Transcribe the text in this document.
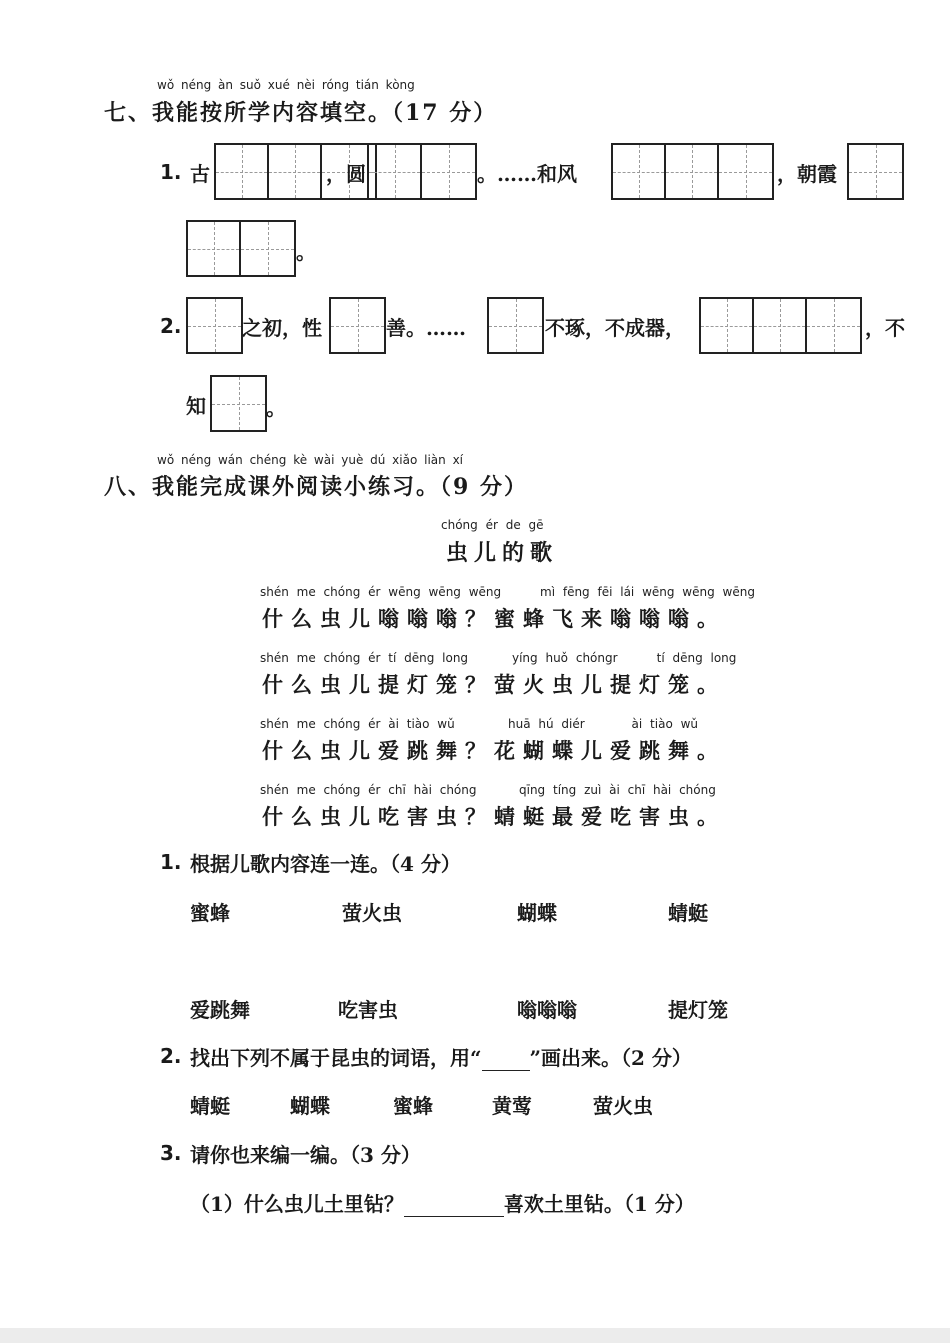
wǒ néng àn suǒ xué nèi róng tián kòng
七、我能按所学内容填空。（17 分）
1. 古	，圆	。……和风	，朝霞
。
2.	之初，性	善。……	不琢，不成器，	，不
知	。
wǒ néng wán chéng kè wài yuè dú xiǎo liàn xí
八、我能完成课外阅读小练习。（9 分）
chóng ér de gē
虫儿的歌
shén me chóng ér wēng wēng wēng	mì fēng fēi lái wēng wēng wēng
什么虫儿嗡嗡嗡？蜜蜂飞来嗡嗡嗡。
shén me chóng ér tí dēng long	yíng huǒ chóngr     tí dēng long
什么虫儿提灯笼？萤火虫儿提灯笼。
shén me chóng ér ài tiào wǔ	huā hú diér      ài tiào wǔ
什么虫儿爱跳舞？花蝴蝶儿爱跳舞。
shén me chóng ér chī hài chóng	qīng tíng zuì ài chī hài chóng
什么虫儿吃害虫？蜻蜓最爱吃害虫。
1. 根据儿歌内容连一连。（4 分）
蜜蜂	萤火虫	蝴蝶	蜻蜓
爱跳舞	吃害虫	嗡嗡嗡	提灯笼
2. 找出下列不属于昆虫的词语，用“ ”画出来。（2 分）
蜻蜓	蝴蝶	蜜蜂	黄莺	萤火虫
3. 请你也来编一编。（3 分）
（1）什么虫儿土里钻？	喜欢土里钻。（1 分）
